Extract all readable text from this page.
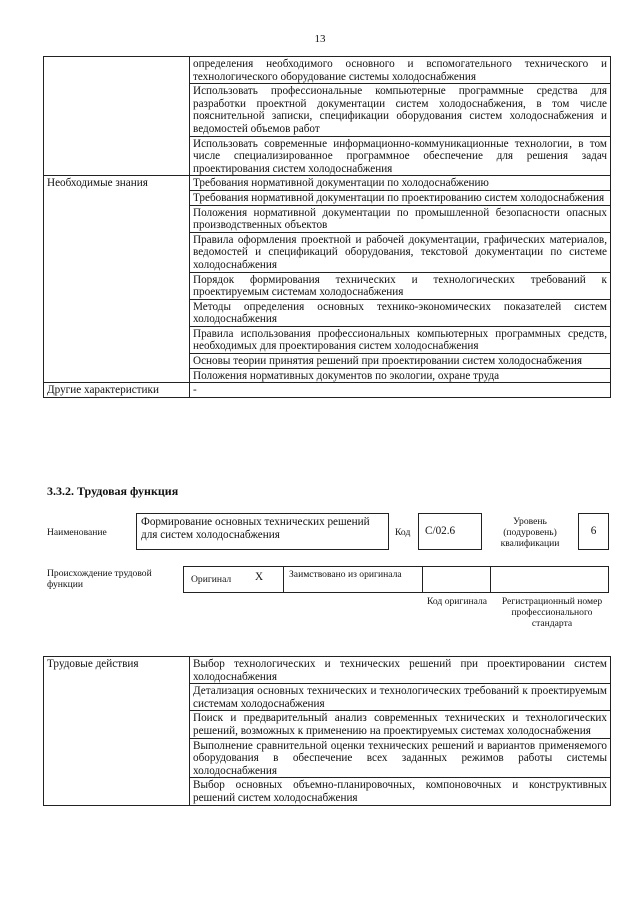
13
	определения необходимого основного и вспомогательного технического и технологического оборудование системы холодоснабжения
	Использовать профессиональные компьютерные программные средства для разработки проектной документации систем холодоснабжения, в том числе пояснительной записки, спецификации оборудования систем холодоснабжения и ведомостей объемов работ
	Использовать современные информационно-коммуникационные технологии, в том числе специализированное программное обеспечение для решения задач проектирования систем холодоснабжения
Необходимые знания	Требования нормативной документации по холодоснабжению
	Требования нормативной документации по проектированию систем холодоснабжения
	Положения нормативной документации по промышленной безопасности опасных производственных объектов
	Правила оформления проектной и рабочей документации, графических материалов, ведомостей и спецификаций оборудования, текстовой документации по системе холодоснабжения
	Порядок формирования технических и технологических требований к проектируемым системам холодоснабжения
	Методы определения основных технико-экономических показателей систем холодоснабжения
	Правила использования профессиональных компьютерных программных средств, необходимых для проектирования систем холодоснабжения
	Основы теории принятия решений при проектировании систем холодоснабжения
	Положения нормативных документов по экологии, охране труда
Другие характеристики	-
3.3.2. Трудовая функция
Наименование
Формирование основных технических решений для систем холодоснабжения	Код	C/02.6
Уровень (подуровень) квалификации
6
Происхождение трудовой функции	Оригинал X	Заимствовано из оригинала
Код оригинала	Регистрационный номер профессионального стандарта
Трудовые действия	Выбор технологических и технических решений при проектировании систем холодоснабжения
Детализация основных технических и технологических требований к проектируемым системам холодоснабжения
Поиск и предварительный анализ современных технических и технологических решений, возможных к применению на проектируемых системах холодоснабжения
Выполнение сравнительной оценки технических решений и вариантов применяемого оборудования в обеспечение всех заданных режимов работы системы холодоснабжения
Выбор основных объемно-планировочных, компоновочных и конструктивных решений систем холодоснабжения
